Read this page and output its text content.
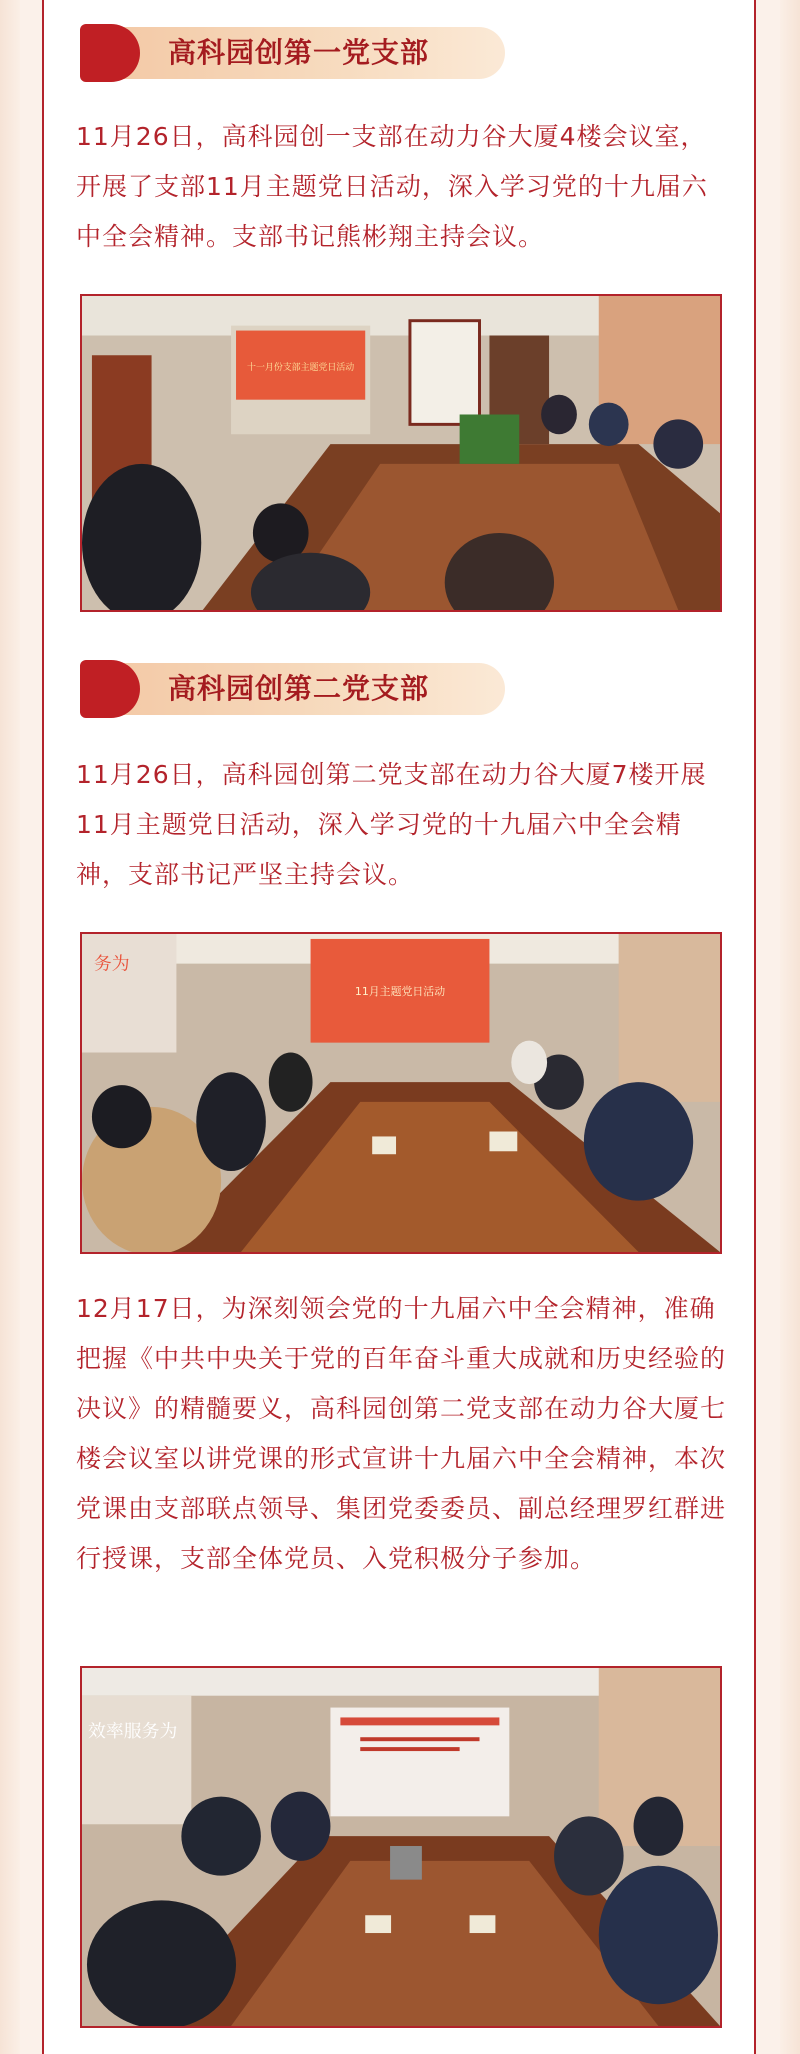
高科园创第一党支部

11月26日，高科园创一支部在动力谷大厦4楼会议室，开展了支部11月主题党日活动，深入学习党的十九届六中全会精神。支部书记熊彬翔主持会议。

十一月份支部主题党日活动
高科园创第二党支部

11月26日，高科园创第二党支部在动力谷大厦7楼开展11月主题党日活动，深入学习党的十九届六中全会精神，支部书记严坚主持会议。

务为
11月主题党日活动

12月17日，为深刻领会党的十九届六中全会精神，准确把握《中共中央关于党的百年奋斗重大成就和历史经验的决议》的精髓要义，高科园创第二党支部在动力谷大厦七楼会议室以讲党课的形式宣讲十九届六中全会精神，本次党课由支部联点领导、集团党委委员、副总经理罗红群进行授课，支部全体党员、入党积极分子参加。

效率服务为
